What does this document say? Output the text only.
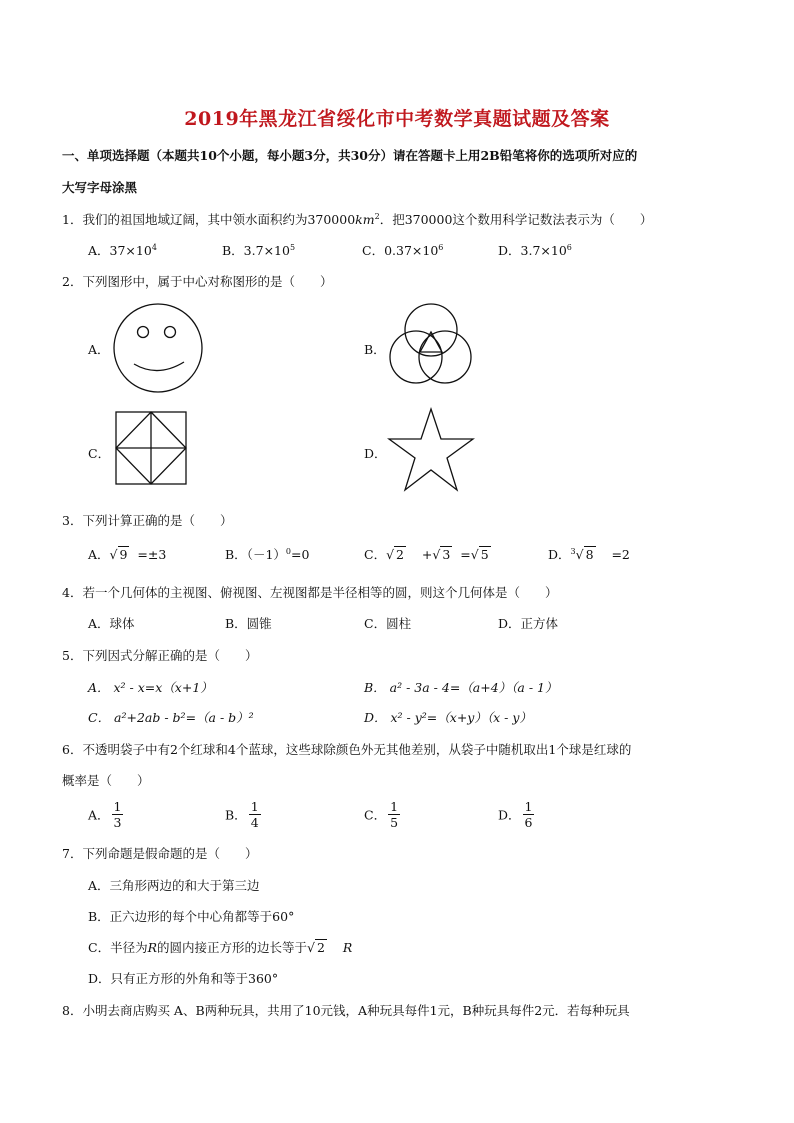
2019年黑龙江省绥化市中考数学真题试题及答案
一、单项选择题（本题共10个小题，每小题3分，共30分）请在答题卡上用2B铅笔将你的选项所对应的
大写字母涂黑
1．我们的祖国地域辽阔，其中领水面积约为$370000km^2$．把370000这个数用科学记数法表示为（　　）
A．$37\times 10^4$	B．$3.7\times 10^5$	C．$0.37\times 10^6$	D．$3.7\times 10^6$
2．下列图形中，属于中心对称图形的是（　　）
A．	B．
C．	D．
3．下列计算正确的是（　　）
A．√ 9 =±3	B．$(-1)^0=0$	C．√ 2 +√ 3 =√ 5	D．$^3$√ 8 =2
4．若一个几何体的主视图、俯视图、左视图都是半径相等的圆，则这个几何体是（　　）
A．球体	B．圆锥	C．圆柱	D．正方体
5．下列因式分解正确的是（　　）
A． x² - x=x（x+1）	B． a² - 3a - 4=（a+4）（a - 1）
C． a²+2ab - b²=（a - b）²	D． x² - y²=（x+y）（x - y）
6．不透明袋子中有2个红球和4个蓝球，这些球除颜色外无其他差别，从袋子中随机取出1个球是红球的
概率是（　　）
A． $\frac{1}{3}$	B． $\frac{1}{4}$	C． $\frac{1}{5}$	D． $\frac{1}{6}$
7．下列命题是假命题的是（　　）
A．三角形两边的和大于第三边
B．正六边形的每个中心角都等于60°
C．半径为R的圆内接正方形的边长等于√ 2 R
D．只有正方形的外角和等于360°
8．小明去商店购买 A、B两种玩具，共用了10元钱，A种玩具每件1元，B种玩具每件2元．若每种玩具
